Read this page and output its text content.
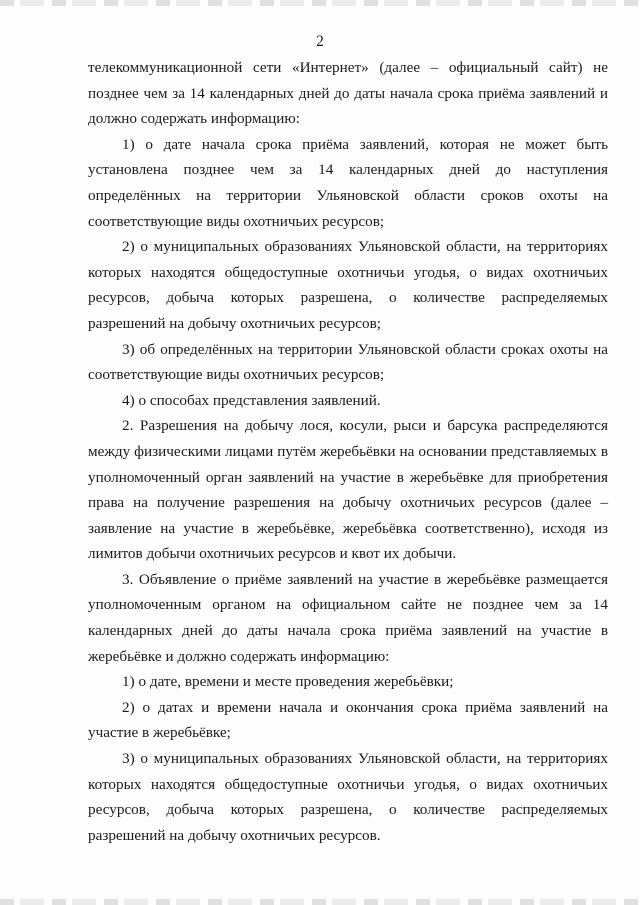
2

телекоммуникационной сети «Интернет» (далее – официальный сайт) не позднее чем за 14 календарных дней до даты начала срока приёма заявлений и должно содержать информацию:

1) о дате начала срока приёма заявлений, которая не может быть установлена позднее чем за 14 календарных дней до наступления определённых на территории Ульяновской области сроков охоты на соответствующие виды охотничьих ресурсов;

2) о муниципальных образованиях Ульяновской области, на территориях которых находятся общедоступные охотничьи угодья, о видах охотничьих ресурсов, добыча которых разрешена, о количестве распределяемых разрешений на добычу охотничьих ресурсов;

3) об определённых на территории Ульяновской области сроках охоты на соответствующие виды охотничьих ресурсов;

4) о способах представления заявлений.

2. Разрешения на добычу лося, косули, рыси и барсука распределяются между физическими лицами путём жеребьёвки на основании представляемых в уполномоченный орган заявлений на участие в жеребьёвке для приобретения права на получение разрешения на добычу охотничьих ресурсов (далее – заявление на участие в жеребьёвке, жеребьёвка соответственно), исходя из лимитов добычи охотничьих ресурсов и квот их добычи.

3. Объявление о приёме заявлений на участие в жеребьёвке размещается уполномоченным органом на официальном сайте не позднее чем за 14 календарных дней до даты начала срока приёма заявлений на участие в жеребьёвке и должно содержать информацию:

1) о дате, времени и месте проведения жеребьёвки;

2) о датах и времени начала и окончания срока приёма заявлений на участие в жеребьёвке;

3) о муниципальных образованиях Ульяновской области, на территориях которых находятся общедоступные охотничьи угодья, о видах охотничьих ресурсов, добыча которых разрешена, о количестве распределяемых разрешений на добычу охотничьих ресурсов.
